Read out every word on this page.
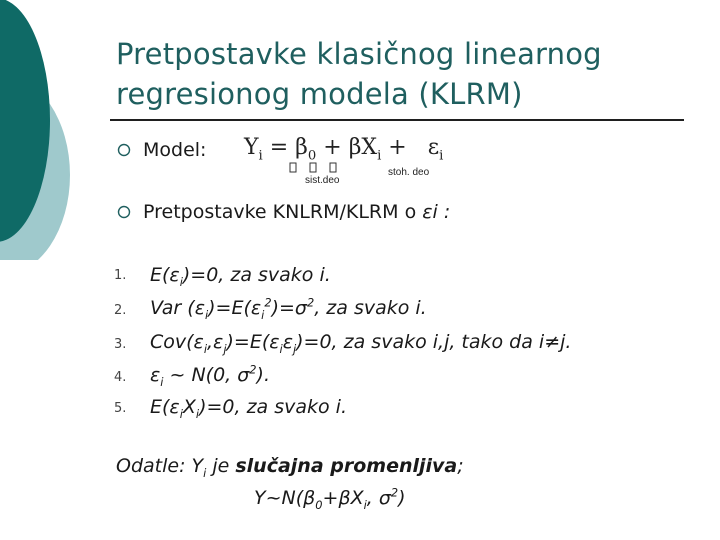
Pretpostavke klasičnog linearnog
regresionog modela (KLRM)
Model: $Y_i = \beta_0 + \beta X_i + \varepsilon_i$
sist.deo
stoh. deo
Pretpostavke KNLRM/KLRM o εi :
1.
2.
3.
4.
5.
$E(\varepsilon_i)=0$, za svako i.
Var $(\varepsilon_i)=E(\varepsilon_i^2)=\sigma^2$, za svako i.
$Cov(\varepsilon_i,\varepsilon_j)=E(\varepsilon_i\varepsilon_j)=0$, za svako i,j, tako da i≠j.
$\varepsilon_i$ ~ N(0, $\sigma^2$).
$E(\varepsilon_iX_i)=0$, za svako i.
Odatle: $Y_i$ je slučajna promenljiva;
$Y\sim N(\beta_0+\beta X_i$, $\sigma^2$)
